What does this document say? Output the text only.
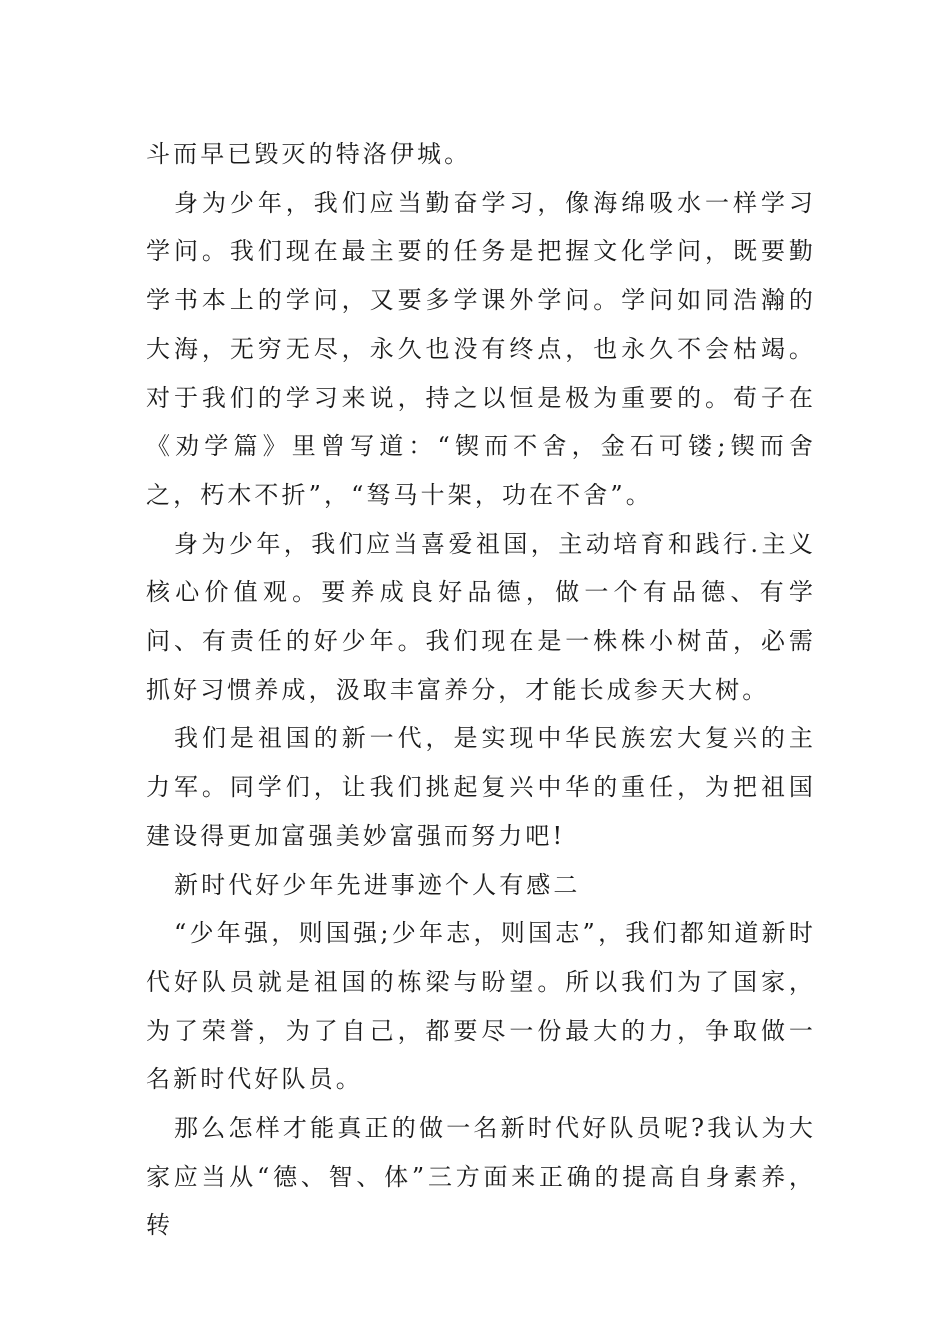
斗而早已毁灭的特洛伊城。

身为少年，我们应当勤奋学习，像海绵吸水一样学习学问。我们现在最主要的任务是把握文化学问，既要勤学书本上的学问，又要多学课外学问。学问如同浩瀚的大海，无穷无尽，永久也没有终点，也永久不会枯竭。对于我们的学习来说，持之以恒是极为重要的。荀子在《劝学篇》里曾写道：“锲而不舍，金石可镂;锲而舍之，朽木不折”，“驽马十架，功在不舍”。

身为少年，我们应当喜爱祖国，主动培育和践行.主义核心价值观。要养成良好品德，做一个有品德、有学问、有责任的好少年。我们现在是一株株小树苗，必需抓好习惯养成，汲取丰富养分，才能长成参天大树。

我们是祖国的新一代，是实现中华民族宏大复兴的主力军。同学们，让我们挑起复兴中华的重任，为把祖国建设得更加富强美妙富强而努力吧!

新时代好少年先进事迹个人有感二

“少年强，则国强;少年志，则国志”，我们都知道新时代好队员就是祖国的栋梁与盼望。所以我们为了国家，为了荣誉，为了自己，都要尽一份最大的力，争取做一名新时代好队员。

那么怎样才能真正的做一名新时代好队员呢?我认为大家应当从“德、智、体”三方面来正确的提高自身素养，转
